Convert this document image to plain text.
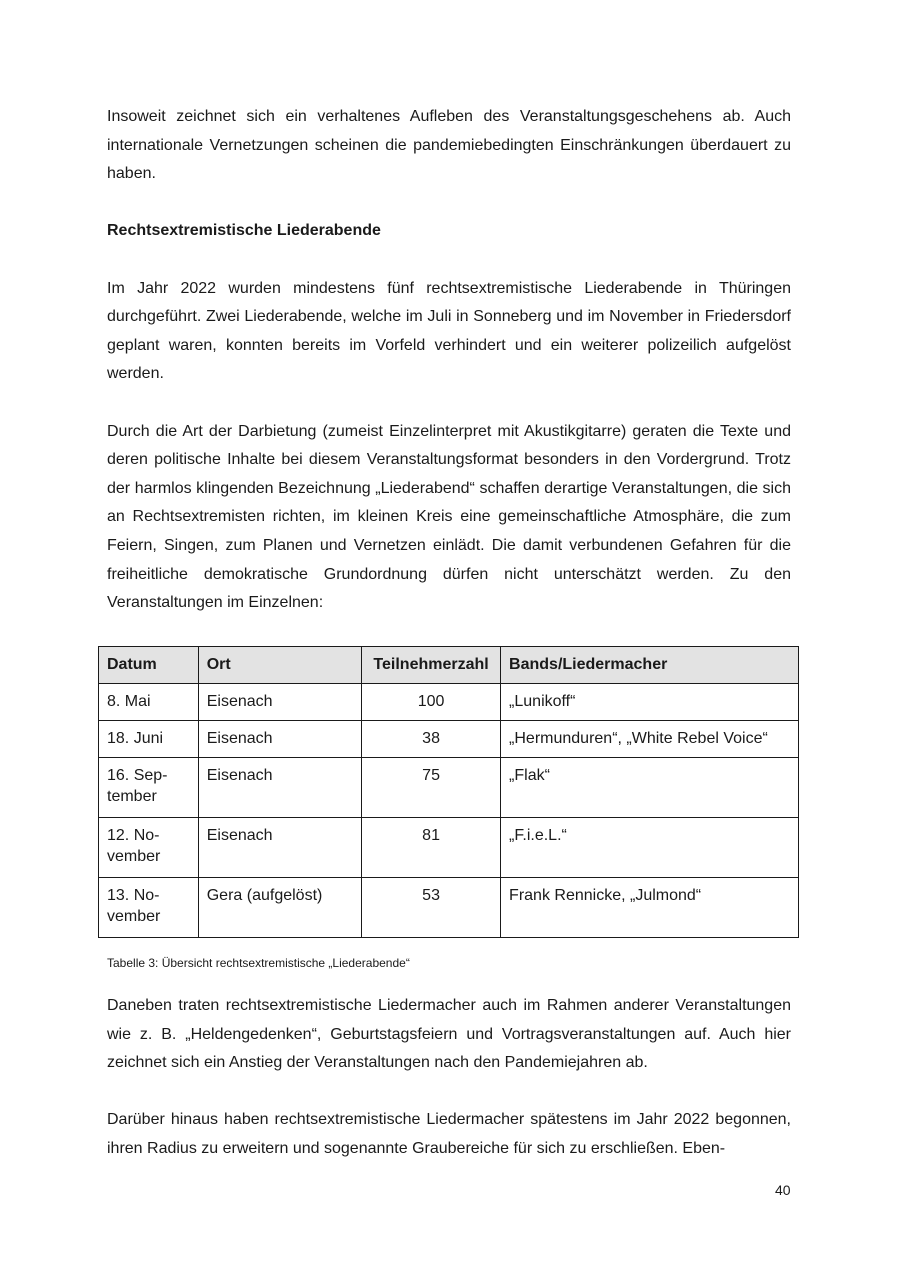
Insoweit zeichnet sich ein verhaltenes Aufleben des Veranstaltungsgeschehens ab. Auch internationale Vernetzungen scheinen die pandemiebedingten Einschränkungen überdauert zu haben.

Rechtsextremistische Liederabende

Im Jahr 2022 wurden mindestens fünf rechtsextremistische Liederabende in Thüringen durchgeführt. Zwei Liederabende, welche im Juli in Sonneberg und im November in Friedersdorf geplant waren, konnten bereits im Vorfeld verhindert und ein weiterer polizeilich aufgelöst werden.

Durch die Art der Darbietung (zumeist Einzelinterpret mit Akustikgitarre) geraten die Texte und deren politische Inhalte bei diesem Veranstaltungsformat besonders in den Vordergrund. Trotz der harmlos klingenden Bezeichnung „Liederabend“ schaffen derartige Veranstaltungen, die sich an Rechtsextremisten richten, im kleinen Kreis eine gemeinschaftliche Atmosphäre, die zum Feiern, Singen, zum Planen und Vernetzen einlädt. Die damit verbundenen Gefahren für die freiheitliche demokratische Grundordnung dürfen nicht unterschätzt werden. Zu den Veranstaltungen im Einzelnen:

Datum	Ort	Teilnehmerzahl	Bands/Liedermacher
8. Mai	Eisenach	100	„Lunikoff“
18. Juni	Eisenach	38	„Hermunduren“, „White Rebel Voice“
16. September	Eisenach	75	„Flak“
12. November	Eisenach	81	„F.i.e.L.“
13. November	Gera (aufgelöst)	53	Frank Rennicke, „Julmond“
Tabelle 3: Übersicht rechtsextremistische „Liederabende“

Daneben traten rechtsextremistische Liedermacher auch im Rahmen anderer Veranstaltungen wie z. B. „Heldengedenken“, Geburtstagsfeiern und Vortragsveranstaltungen auf. Auch hier zeichnet sich ein Anstieg der Veranstaltungen nach den Pandemiejahren ab.

Darüber hinaus haben rechtsextremistische Liedermacher spätestens im Jahr 2022 begonnen, ihren Radius zu erweitern und sogenannte Graubereiche für sich zu erschließen. Eben-

40
